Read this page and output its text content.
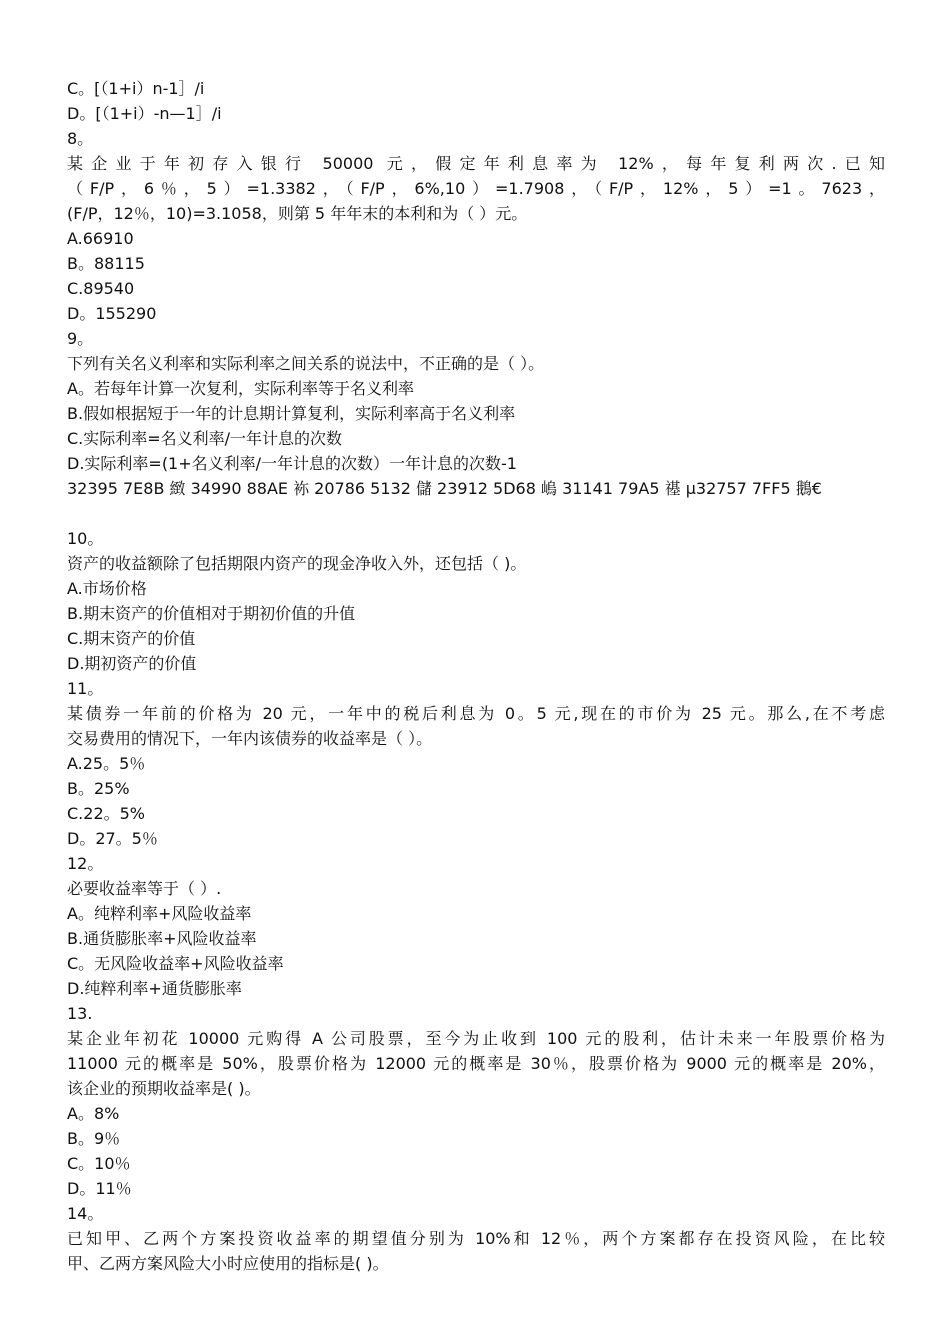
C。[（1+i）n-1］/i
D。[（1+i）-n—1］/i
8。
某企业于年初存入银行 50000 元，假定年利息率为 12%，每年复利两次.已知
（F/P，6％，5）=1.3382，（F/P，6%,10）=1.7908，（F/P，12%，5）=1。7623，
(F/P，12％，10)=3.1058，则第 5 年年末的本利和为（ ）元。
A.66910
B。88115
C.89540
D。155290
9。
下列有关名义利率和实际利率之间关系的说法中，不正确的是（ ）。
A。若每年计算一次复利，实际利率等于名义利率
B.假如根据短于一年的计息期计算复利，实际利率高于名义利率
C.实际利率=名义利率/一年计息的次数
D.实际利率=(1+名义利率/一年计息的次数）一年计息的次数-1
32395 7E8B 緻 34990 88AE 袮 20786 5132 儲 23912 5D68 嵨 31141 79A5 禥 µ32757 7FF5 鵝€
10。
资产的收益额除了包括期限内资产的现金净收入外，还包括（ )。
A.市场价格
B.期末资产的价值相对于期初价值的升值
C.期末资产的价值
D.期初资产的价值
11。
某债券一年前的价格为 20 元，一年中的税后利息为 0。5 元,现在的市价为 25 元。那么,在不考虑
交易费用的情况下，一年内该债券的收益率是（ ）。
A.25。5％
B。25%
C.22。5%
D。27。5％
12。
必要收益率等于（ ）.
A。纯粹利率+风险收益率
B.通货膨胀率+风险收益率
C。无风险收益率+风险收益率
D.纯粹利率+通货膨胀率
13.
某企业年初花 10000 元购得 A 公司股票，至今为止收到 100 元的股利，估计未来一年股票价格为
11000 元的概率是 50%，股票价格为 12000 元的概率是 30％，股票价格为 9000 元的概率是 20%，
该企业的预期收益率是( )。
A。8%
B。9％
C。10％
D。11％
14。
已知甲、乙两个方案投资收益率的期望值分别为 10%和 12％，两个方案都存在投资风险，在比较
甲、乙两方案风险大小时应使用的指标是( )。
